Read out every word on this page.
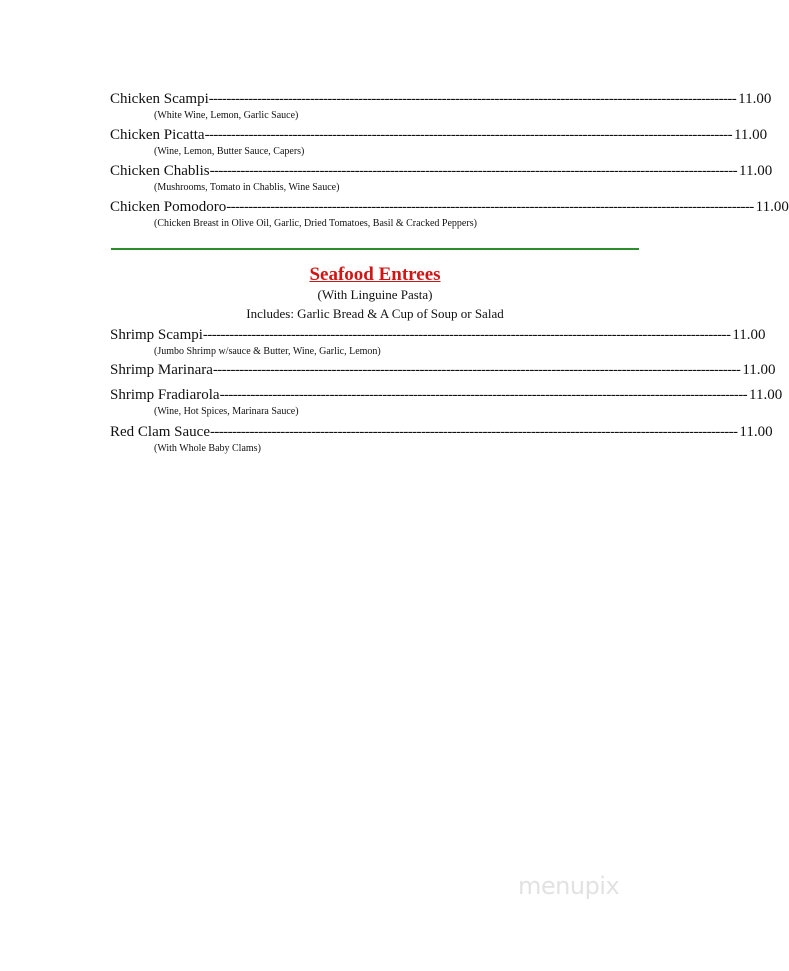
Chicken Scampi ------------------------------------------------------------------------------------------------------------------------ 11.00
(White Wine, Lemon, Garlic Sauce)
Chicken Picatta ------------------------------------------------------------------------------------------------------------------------ 11.00
(Wine, Lemon, Butter Sauce, Capers)
Chicken Chablis ------------------------------------------------------------------------------------------------------------------------ 11.00
(Mushrooms, Tomato in Chablis, Wine Sauce)
Chicken Pomodoro ------------------------------------------------------------------------------------------------------------------------ 11.00
(Chicken Breast in Olive Oil, Garlic, Dried Tomatoes, Basil & Cracked Peppers)
Seafood Entrees
(With Linguine Pasta)
Includes: Garlic Bread & A Cup of Soup or Salad
Shrimp Scampi ------------------------------------------------------------------------------------------------------------------------ 11.00
(Jumbo Shrimp w/sauce & Butter, Wine, Garlic, Lemon)
Shrimp Marinara ------------------------------------------------------------------------------------------------------------------------ 11.00
Shrimp Fradiarola ------------------------------------------------------------------------------------------------------------------------ 11.00
(Wine, Hot Spices, Marinara Sauce)
Red Clam Sauce ------------------------------------------------------------------------------------------------------------------------ 11.00
(With Whole Baby Clams)
menupix
